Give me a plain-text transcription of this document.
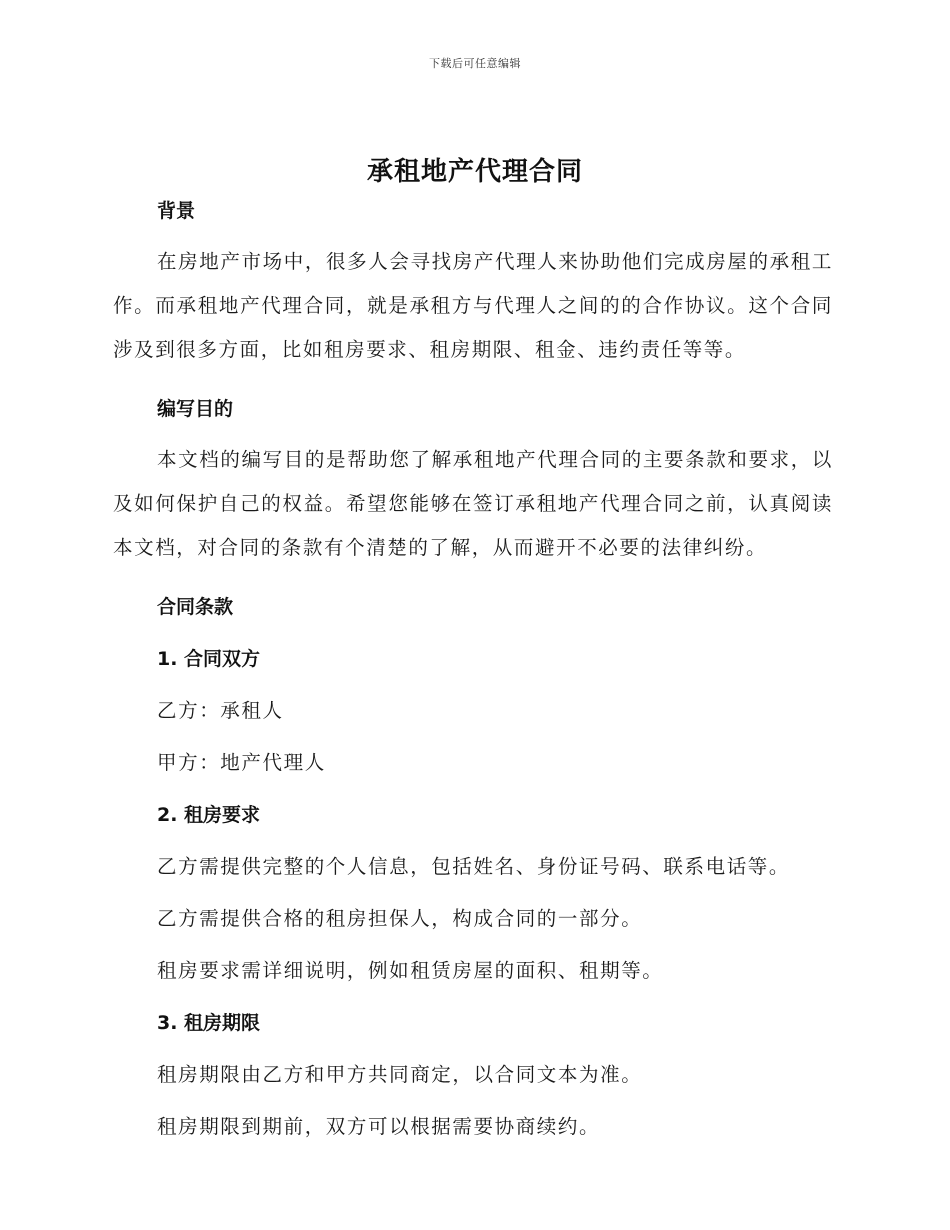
下载后可任意编辑
承租地产代理合同
背景

在房地产市场中，很多人会寻找房产代理人来协助他们完成房屋的承租工作。而承租地产代理合同，就是承租方与代理人之间的的合作协议。这个合同涉及到很多方面，比如租房要求、租房期限、租金、违约责任等等。

编写目的

本文档的编写目的是帮助您了解承租地产代理合同的主要条款和要求，以及如何保护自己的权益。希望您能够在签订承租地产代理合同之前，认真阅读本文档，对合同的条款有个清楚的了解，从而避开不必要的法律纠纷。

合同条款
1. 合同双方
乙方：承租人
甲方：地产代理人
2. 租房要求
乙方需提供完整的个人信息，包括姓名、身份证号码、联系电话等。
乙方需提供合格的租房担保人，构成合同的一部分。
租房要求需详细说明，例如租赁房屋的面积、租期等。
3. 租房期限
租房期限由乙方和甲方共同商定，以合同文本为准。
租房期限到期前，双方可以根据需要协商续约。
